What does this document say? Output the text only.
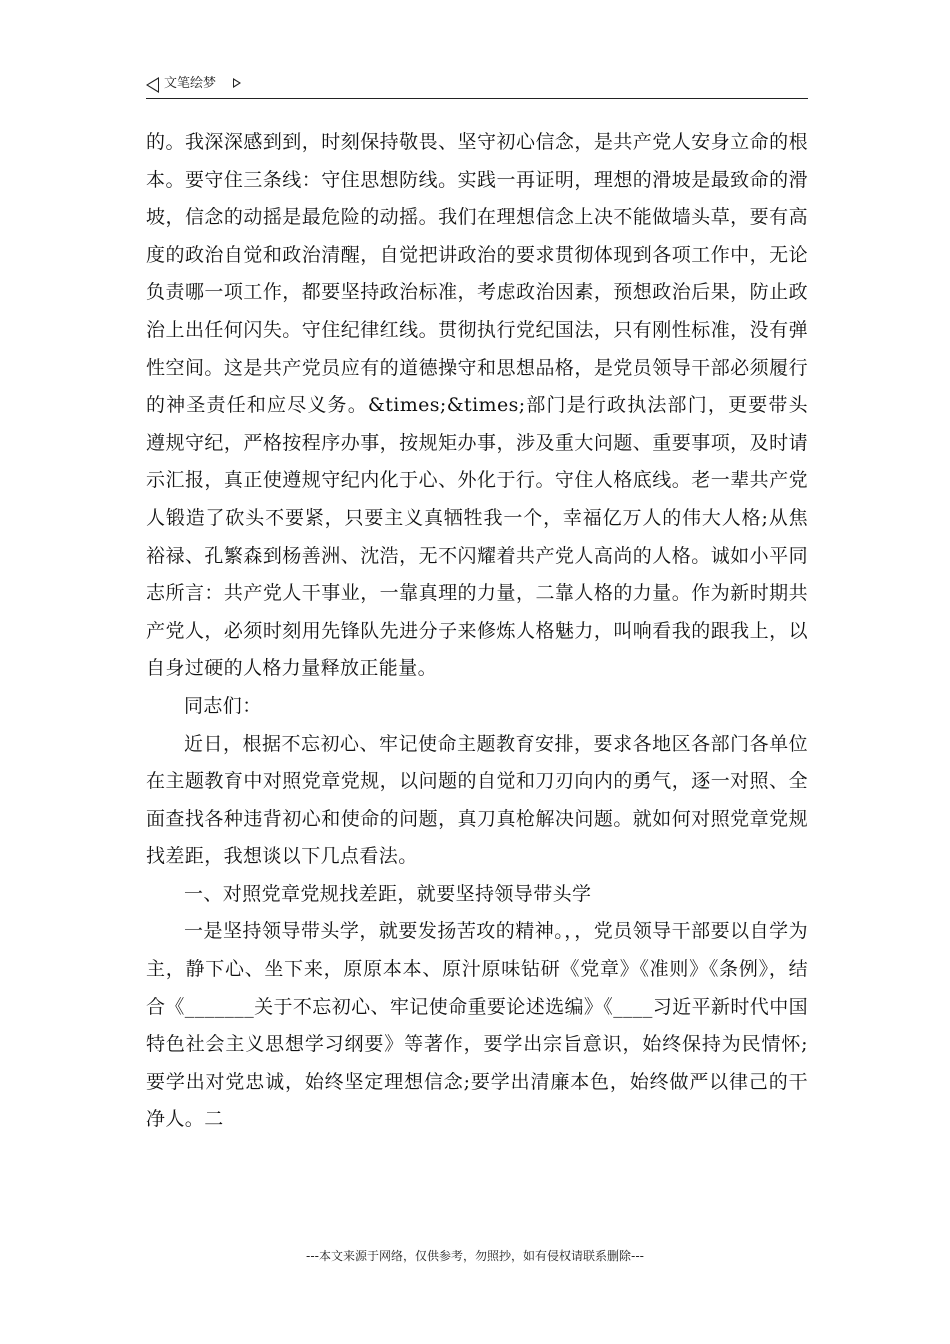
文笔绘梦

的。我深深感到到，时刻保持敬畏、坚守初心信念，是共产党人安身立命的根本。要守住三条线：守住思想防线。实践一再证明，理想的滑坡是最致命的滑坡，信念的动摇是最危险的动摇。我们在理想信念上决不能做墙头草，要有高度的政治自觉和政治清醒，自觉把讲政治的要求贯彻体现到各项工作中，无论负责哪一项工作，都要坚持政治标准，考虑政治因素，预想政治后果，防止政治上出任何闪失。守住纪律红线。贯彻执行党纪国法，只有刚性标准，没有弹性空间。这是共产党员应有的道德操守和思想品格，是党员领导干部必须履行的神圣责任和应尽义务。&times;&times;部门是行政执法部门，更要带头遵规守纪，严格按程序办事，按规矩办事，涉及重大问题、重要事项，及时请示汇报，真正使遵规守纪内化于心、外化于行。守住人格底线。老一辈共产党人锻造了砍头不要紧，只要主义真牺牲我一个，幸福亿万人的伟大人格;从焦裕禄、孔繁森到杨善洲、沈浩，无不闪耀着共产党人高尚的人格。诚如小平同志所言：共产党人干事业，一靠真理的力量，二靠人格的力量。作为新时期共产党人，必须时刻用先锋队先进分子来修炼人格魅力，叫响看我的跟我上，以自身过硬的人格力量释放正能量。

同志们：

近日，根据不忘初心、牢记使命主题教育安排，要求各地区各部门各单位在主题教育中对照党章党规，以问题的自觉和刀刃向内的勇气，逐一对照、全面查找各种违背初心和使命的问题，真刀真枪解决问题。就如何对照党章党规找差距，我想谈以下几点看法。

一、对照党章党规找差距，就要坚持领导带头学

一是坚持领导带头学，就要发扬苦攻的精神。，，党员领导干部要以自学为主，静下心、坐下来，原原本本、原汁原味钻研《党章》《准则》《条例》，结合《_______关于不忘初心、牢记使命重要论述选编》《____习近平新时代中国特色社会主义思想学习纲要》等著作，要学出宗旨意识，始终保持为民情怀;要学出对党忠诚，始终坚定理想信念;要学出清廉本色，始终做严以律己的干净人。二

---本文来源于网络，仅供参考，勿照抄，如有侵权请联系删除---
